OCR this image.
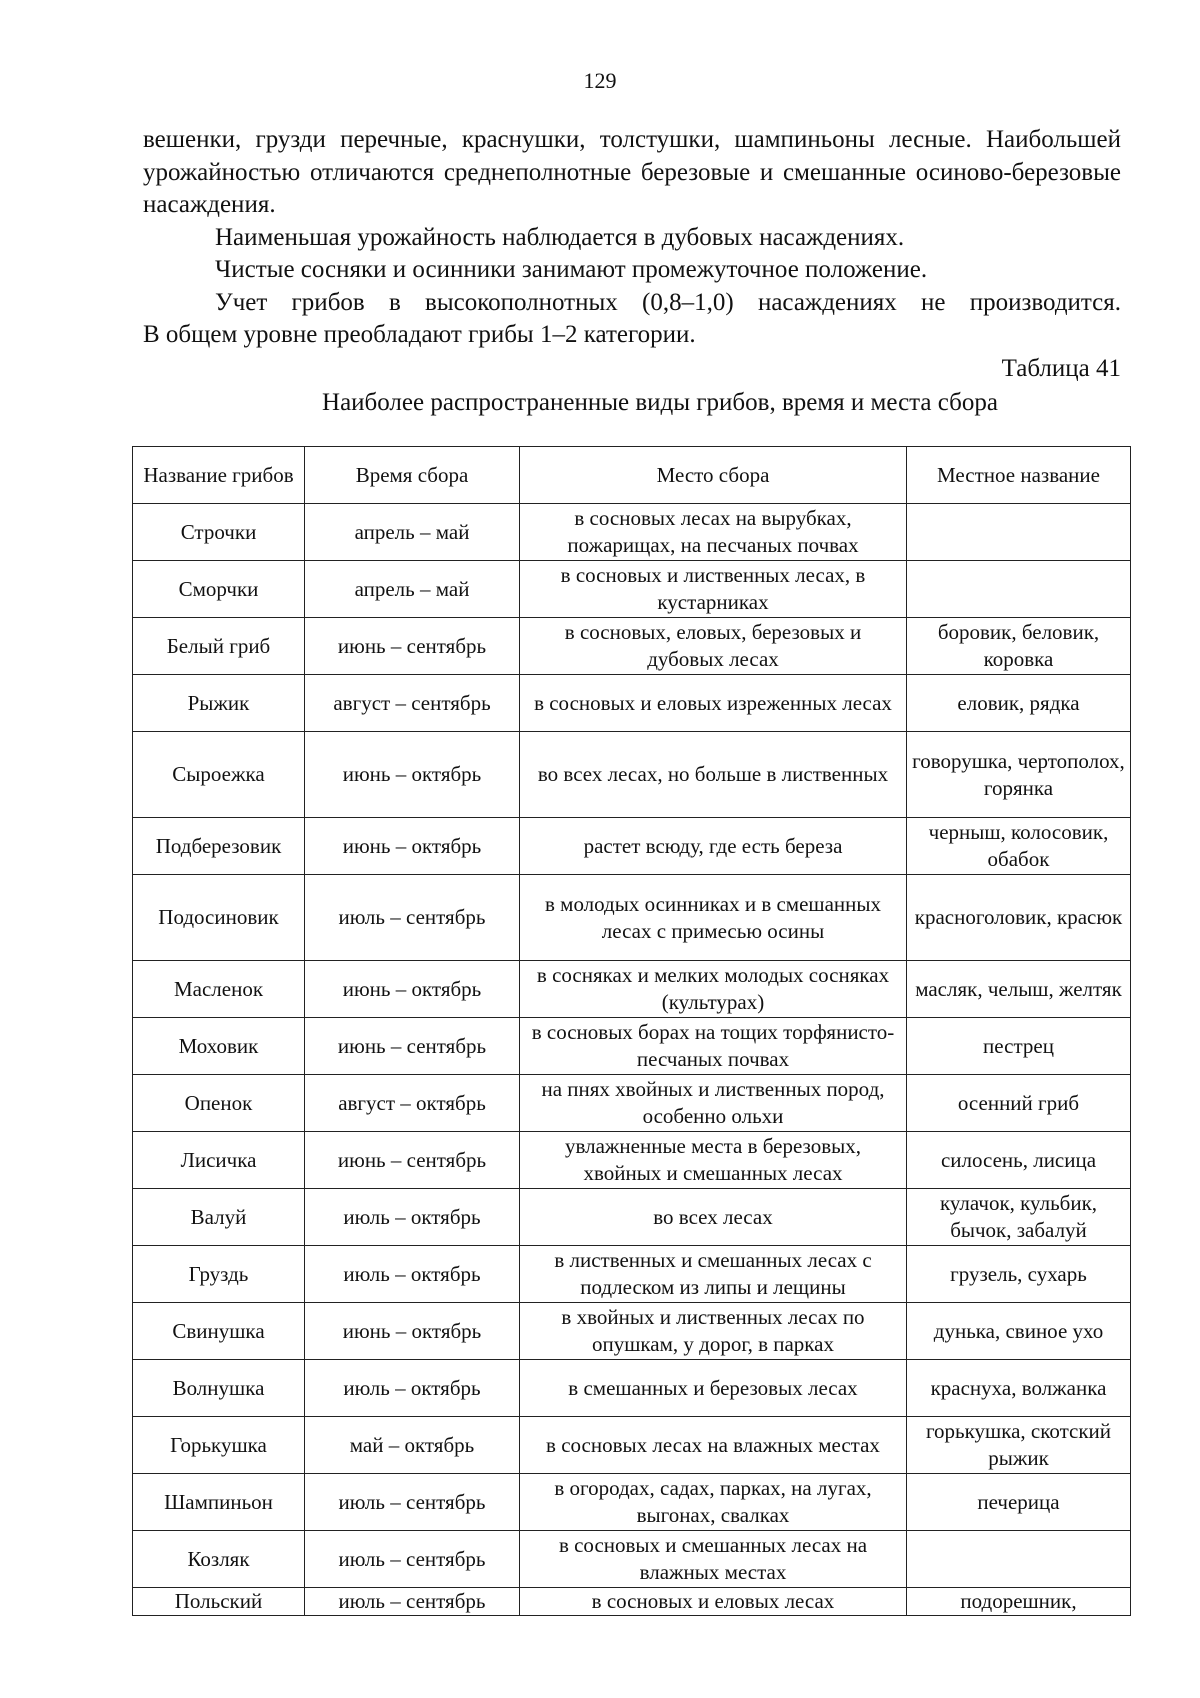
129

вешенки, грузди перечные, краснушки, толстушки, шампиньоны лесные. Наибольшей урожайностью отличаются среднеполнотные березовые и смешанные осиново-березовые насаждения.

Наименьшая урожайность наблюдается в дубовых насаждениях.

Чистые сосняки и осинники занимают промежуточное положение.

Учет грибов в высокополнотных (0,8–1,0) насаждениях не производится.

В общем уровне преобладают грибы 1–2 категории.

Таблица 41
Наиболее распространенные виды грибов, время и места сбора
Название грибов	Время сбора	Место сбора	Местное название
Строчки	апрель – май	в сосновых лесах на вырубках, пожарищах, на песчаных почвах	
Сморчки	апрель – май	в сосновых и лиственных лесах, в кустарниках	
Белый гриб	июнь – сентябрь	в сосновых, еловых, березовых и дубовых лесах	боровик, беловик, коровка
Рыжик	август – сентябрь	в сосновых и еловых изреженных лесах	еловик, рядка
Сыроежка	июнь – октябрь	во всех лесах, но больше в лиственных	говорушка, чертополох, горянка
Подберезовик	июнь – октябрь	растет всюду, где есть береза	черныш, колосовик, обабок
Подосиновик	июль – сентябрь	в молодых осинниках и в смешанных лесах с примесью осины	красноголовик, красюк
Масленок	июнь – октябрь	в сосняках и мелких молодых сосняках (культурах)	масляк, челыш, желтяк
Моховик	июнь – сентябрь	в сосновых борах на тощих торфянисто-песчаных почвах	пестрец
Опенок	август – октябрь	на пнях хвойных и лиственных пород, особенно ольхи	осенний гриб
Лисичка	июнь – сентябрь	увлажненные места в березовых, хвойных и смешанных лесах	силосень, лисица
Валуй	июль – октябрь	во всех лесах	кулачок, кульбик, бычок, забалуй
Груздь	июль – октябрь	в лиственных и смешанных лесах с подлеском из липы и лещины	грузель, сухарь
Свинушка	июнь – октябрь	в хвойных и лиственных лесах по опушкам, у дорог, в парках	дунька, свиное ухо
Волнушка	июль – октябрь	в смешанных и березовых лесах	краснуха, волжанка
Горькушка	май – октябрь	в сосновых лесах на влажных местах	горькушка, скотский рыжик
Шампиньон	июль – сентябрь	в огородах, садах, парках, на лугах, выгонах, свалках	печерица
Козляк	июль – сентябрь	в сосновых и смешанных лесах на влажных местах	
Польский	июль – сентябрь	в сосновых и еловых лесах	подорешник,
